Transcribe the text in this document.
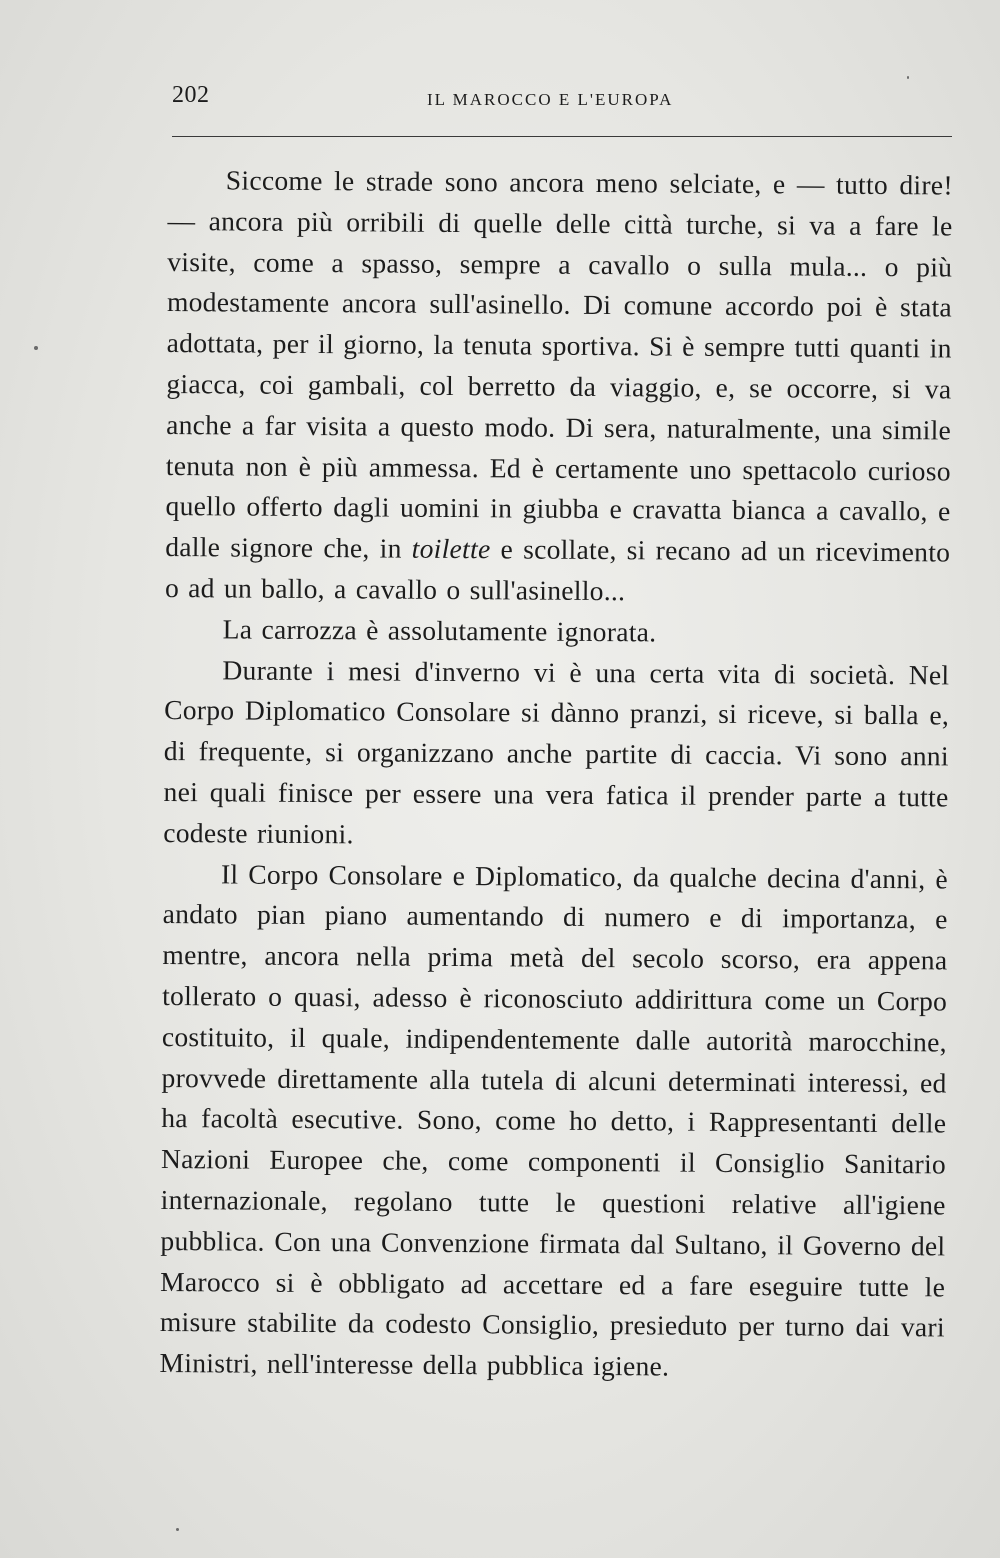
202	IL MAROCCO E L'EUROPA

Siccome le strade sono ancora meno selciate, e — tutto dire! — ancora più orribili di quelle delle città turche, si va a fare le visite, come a spasso, sempre a cavallo o sulla mula... o più modestamente ancora sull'asinello. Di comune accordo poi è stata adottata, per il giorno, la tenuta sportiva. Si è sempre tutti quanti in giacca, coi gambali, col berretto da viaggio, e, se occorre, si va anche a far visita a questo modo. Di sera, naturalmente, una simile tenuta non è più ammessa. Ed è certamente uno spettacolo curioso quello offerto dagli uomini in giubba e cravatta bianca a cavallo, e dalle signore che, in toilette e scollate, si recano ad un ricevimento o ad un ballo, a cavallo o sull'asinello...

La carrozza è assolutamente ignorata.

Durante i mesi d'inverno vi è una certa vita di società. Nel Corpo Diplomatico Consolare si dànno pranzi, si riceve, si balla e, di frequente, si organizzano anche partite di caccia. Vi sono anni nei quali finisce per essere una vera fatica il prender parte a tutte codeste riunioni.

Il Corpo Consolare e Diplomatico, da qualche decina d'anni, è andato pian piano aumentando di numero e di importanza, e mentre, ancora nella prima metà del secolo scorso, era appena tollerato o quasi, adesso è riconosciuto addirittura come un Corpo costituito, il quale, indipendentemente dalle autorità marocchine, provvede direttamente alla tutela di alcuni determinati interessi, ed ha facoltà esecutive. Sono, come ho detto, i Rappresentanti delle Nazioni Europee che, come componenti il Consiglio Sanitario internazionale, regolano tutte le questioni relative all'igiene pubblica. Con una Convenzione firmata dal Sultano, il Governo del Marocco si è obbligato ad accettare ed a fare eseguire tutte le misure stabilite da codesto Consiglio, presieduto per turno dai vari Ministri, nell'interesse della pubblica igiene.
